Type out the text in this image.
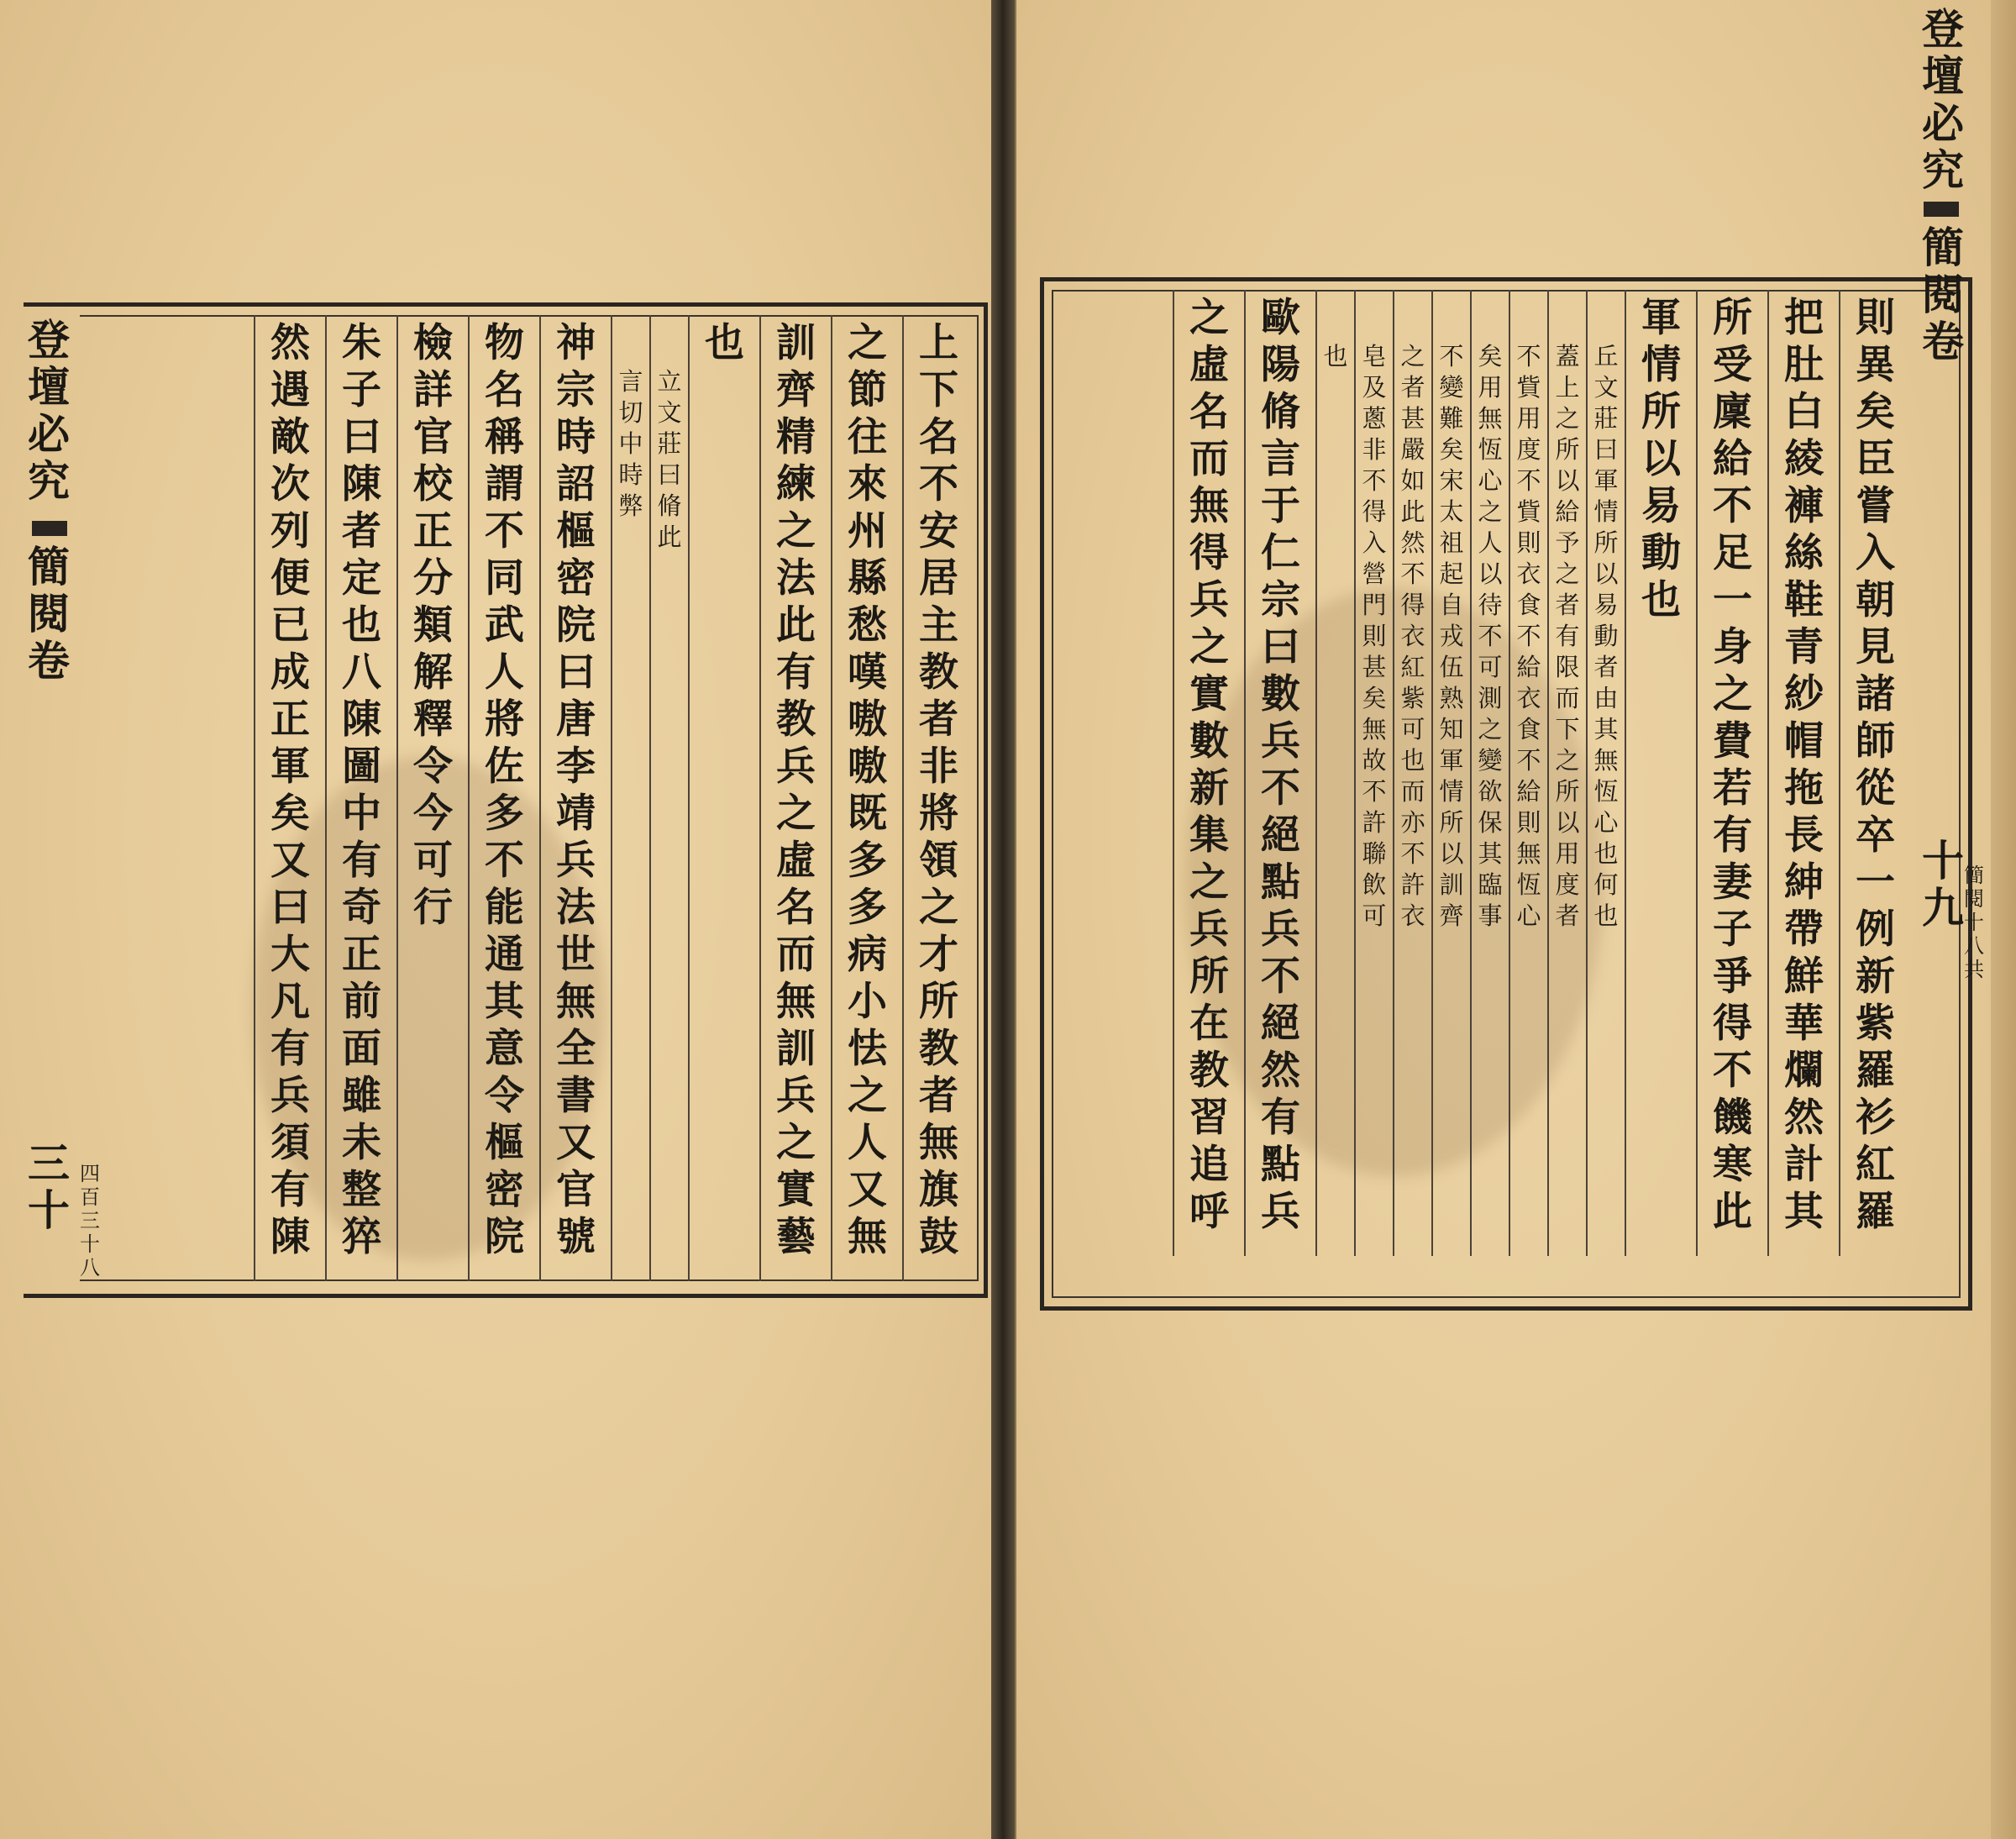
上
下
名
不
安
居
主
教
者
非
將
領
之
才
所
教
者
無
旗
鼓
之
節
往
來
州
縣
愁
嘆
嗷
嗷
既
多
多
病
小
怯
之
人
又
無
訓
齊
精
練
之
法
此
有
教
兵
之
虛
名
而
無
訓
兵
之
實
藝
也
立
文
莊
曰
脩
此
言
切
中
時
弊
神
宗
時
詔
樞
密
院
曰
唐
李
靖
兵
法
世
無
全
書
又
官
號
物
名
稱
謂
不
同
武
人
將
佐
多
不
能
通
其
意
令
樞
密
院
檢
詳
官
校
正
分
類
解
釋
令
今
可
行
朱
子
曰
陳
者
定
也
八
陳
圖
中
有
奇
正
前
面
雖
未
整
猝
然
遇
敵
次
列
便
已
成
正
軍
矣
又
曰
大
凡
有
兵
須
有
陳
登
壇
必
究
簡
閱
卷
三
十
四
百
三
十
八
則
異
矣
臣
嘗
入
朝
見
諸
師
從
卒
一
例
新
紫
羅
衫
紅
羅
把
肚
白
綾
褲
絲
鞋
青
紗
帽
拖
長
紳
帶
鮮
華
爛
然
計
其
所
受
廩
給
不
足
一
身
之
費
若
有
妻
子
爭
得
不
饑
寒
此
軍
情
所
以
易
動
也
丘
文
莊
曰
軍
情
所
以
易
動
者
由
其
無
恆
心
也
何
也
蓋
上
之
所
以
給
予
之
者
有
限
而
下
之
所
以
用
度
者
不
貲
用
度
不
貲
則
衣
食
不
給
衣
食
不
給
則
無
恆
心
矣
用
無
恆
心
之
人
以
待
不
可
測
之
變
欲
保
其
臨
事
不
變
難
矣
宋
太
祖
起
自
戎
伍
熟
知
軍
情
所
以
訓
齊
之
者
甚
嚴
如
此
然
不
得
衣
紅
紫
可
也
而
亦
不
許
衣
皂
及
蔥
非
不
得
入
營
門
則
甚
矣
無
故
不
許
聯
飲
可
也
歐
陽
脩
言
于
仁
宗
曰
數
兵
不
絕
點
兵
不
絕
然
有
點
兵
之
虛
名
而
無
得
兵
之
實
數
新
集
之
兵
所
在
教
習
追
呼
登
壇
必
究
簡
閱
卷
十
九
簡
閱
十
八
共
